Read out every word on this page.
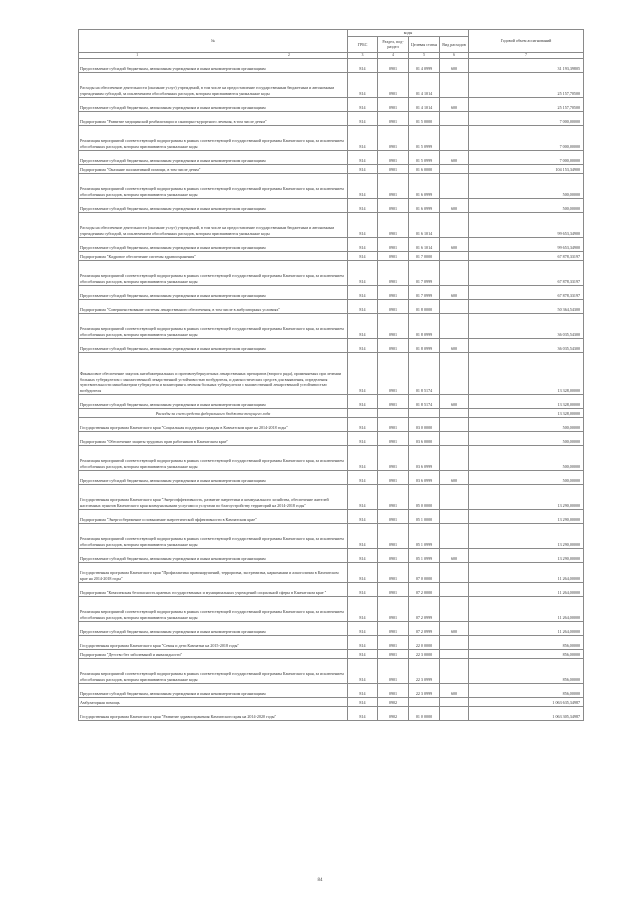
№	коды				Годовой объем ассигнований
	ГРБС	Раздел, под-раздел	Целевая статья	Вид расходов	
1 2	3	4	5	6	7
Предоставление субсидий бюджетным, автономным учреждениям и иным некоммерческим организациям	814	0901	01 4 0999	600	31 193,39805
Расходы на обеспечение деятельности (оказание услуг) учреждений, в том числе на предоставление государственным бюджетным и автономным учреждениям субсидий, за исключением обособленных расходов, которым присваиваются уникальные коды	814	0901	01 4 1014		25 157,70500
Предоставление субсидий бюджетным, автономным учреждениям и иным некоммерческим организациям	814	0901	01 4 1014	600	25 157,70500
Подпрограмма "Развитие медицинской реабилитации и санаторно-курортного лечения, в том числе детям"	814	0901	01 5 0000		7 000,00000
Реализация мероприятий соответствующей подпрограммы в рамках соответствующей государственной программы Камчатского края, за исключением обособленных расходов, которым присваиваются уникальные коды	814	0901	01 5 0999		7 000,00000
Предоставление субсидий бюджетным, автономным учреждениям и иным некоммерческим организациям	814	0901	01 5 0999	600	7 000,00000
Подпрограмма "Оказание паллиативной помощи, в том числе детям"	814	0901	01 6 0000		104 153,34900
Реализация мероприятий соответствующей подпрограммы в рамках соответствующей государственной программы Камчатского края, за исключением обособленных расходов, которым присваиваются уникальные коды	814	0901	01 6 0999		500,00000
Предоставление субсидий бюджетным, автономным учреждениям и иным некоммерческим организациям	814	0901	01 6 0999	600	500,00000
Расходы на обеспечение деятельности (оказание услуг) учреждений, в том числе на предоставление государственным бюджетным и автономным учреждениям субсидий, за исключением обособленных расходов, которым присваиваются уникальные коды	814	0901	01 6 1014		99 653,34900
Предоставление субсидий бюджетным, автономным учреждениям и иным некоммерческим организациям	814	0901	01 6 1014	600	99 653,34900
Подпрограмма "Кадровое обеспечение системы здравоохранения"	814	0901	01 7 0000		67 878,33197
Реализация мероприятий соответствующей подпрограммы в рамках соответствующей государственной программы Камчатского края, за исключением обособленных расходов, которым присваиваются уникальные коды	814	0901	01 7 0999		67 878,33197
Предоставление субсидий бюджетным, автономным учреждениям и иным некоммерческим организациям	814	0901	01 7 0999	600	67 878,33197
Подпрограмма "Совершенствование системы лекарственного обеспечения, в том числе в амбулаторных условиях"	814	0901	01 8 0000		50 364,54300
Реализация мероприятий соответствующей подпрограммы в рамках соответствующей государственной программы Камчатского края, за исключением обособленных расходов, которым присваиваются уникальные коды	814	0901	01 8 0999		36 035,54300
Предоставление субсидий бюджетным, автономным учреждениям и иным некоммерческим организациям	814	0901	01 8 0999	600	36 035,54300
Финансовое обеспечение закупок антибактериальных и противотуберкулезных лекарственных препаратов (второго ряда), применяемых при лечении больных туберкулезом с множественной лекарственной устойчивостью возбудителя, и диагностических средств для выявления, определения чувствительности микобактерии туберкулеза и мониторинга лечения больных туберкулезом с множественной лекарственной устойчивостью возбудителя	814	0901	01 8 5174		13 328,00000
Предоставление субсидий бюджетным, автономным учреждениям и иным некоммерческим организациям	814	0901	01 8 5174	600	13 328,00000
Расходы за счет средств федерального бюджета текущего года					13 328,00000
Государственная программа Камчатского края "Социальная поддержка граждан в Камчатском крае на 2014-2018 годы"	814	0901	03 0 0000		500,00000
Подпрограмма "Обеспечение защиты трудовых прав работников в Камчатском крае"	814	0901	03 6 0000		500,00000
Реализация мероприятий соответствующей подпрограммы в рамках соответствующей государственной программы Камчатского края, за исключением обособленных расходов, которым присваиваются уникальные коды	814	0901	03 6 0999		500,00000
Предоставление субсидий бюджетным, автономным учреждениям и иным некоммерческим организациям	814	0901	03 6 0999	600	500,00000
Государственная программа Камчатского края "Энергоэффективность, развитие энергетики и коммунального хозяйства, обеспечение жителей населенных пунктов Камчатского края коммунальными услугами и услугами по благоустройству территорий на 2014-2018 годы"	814	0901	05 0 0000		13 290,00000
Подпрограмма "Энергосбережение и повышение энергетической эффективности в Камчатском крае"	814	0901	05 1 0000		13 290,00000
Реализация мероприятий соответствующей подпрограммы в рамках соответствующей государственной программы Камчатского края, за исключением обособленных расходов, которым присваиваются уникальные коды	814	0901	05 1 0999		13 290,00000
Предоставление субсидий бюджетным, автономным учреждениям и иным некоммерческим организациям	814	0901	05 1 0999	600	13 290,00000
Государственная программа Камчатского края "Профилактика правонарушений, терроризма, экстремизма, наркомании и алкоголизма в Камчатском крае на 2014-2018 годы"	814	0901	07 0 0000		11 264,00000
Подпрограмма "Комплексная безопасность краевых государственных и муниципальных учреждений социальной сферы в Камчатском крае "	814	0901	07 2 0000		11 264,00000
Реализация мероприятий соответствующей подпрограммы в рамках соответствующей государственной программы Камчатского края, за исключением обособленных расходов, которым присваиваются уникальные коды	814	0901	07 2 0999		11 264,00000
Предоставление субсидий бюджетным, автономным учреждениям и иным некоммерческим организациям	814	0901	07 2 0999	600	11 264,00000
Государственная программа Камчатского края "Семья и дети Камчатки на 2015-2018 годы"	814	0901	22 0 0000		856,00000
Подпрограмма "Детство без заболеваний и инвалидности"	814	0901	22 3 0000		856,00000
Реализация мероприятий соответствующей подпрограммы в рамках соответствующей государственной программы Камчатского края, за исключением обособленных расходов, которым присваиваются уникальные коды	814	0901	22 3 0999		856,00000
Предоставление субсидий бюджетным, автономным учреждениям и иным некоммерческим организациям	814	0901	22 3 0999	600	856,00000
Амбулаторная помощь	814	0902			1 063 635,34987
Государственная программа Камчатского края "Развитие здравоохранения Камчатского края на 2014-2020 годы"	814	0902	01 0 0000		1 063 305,34987
84
